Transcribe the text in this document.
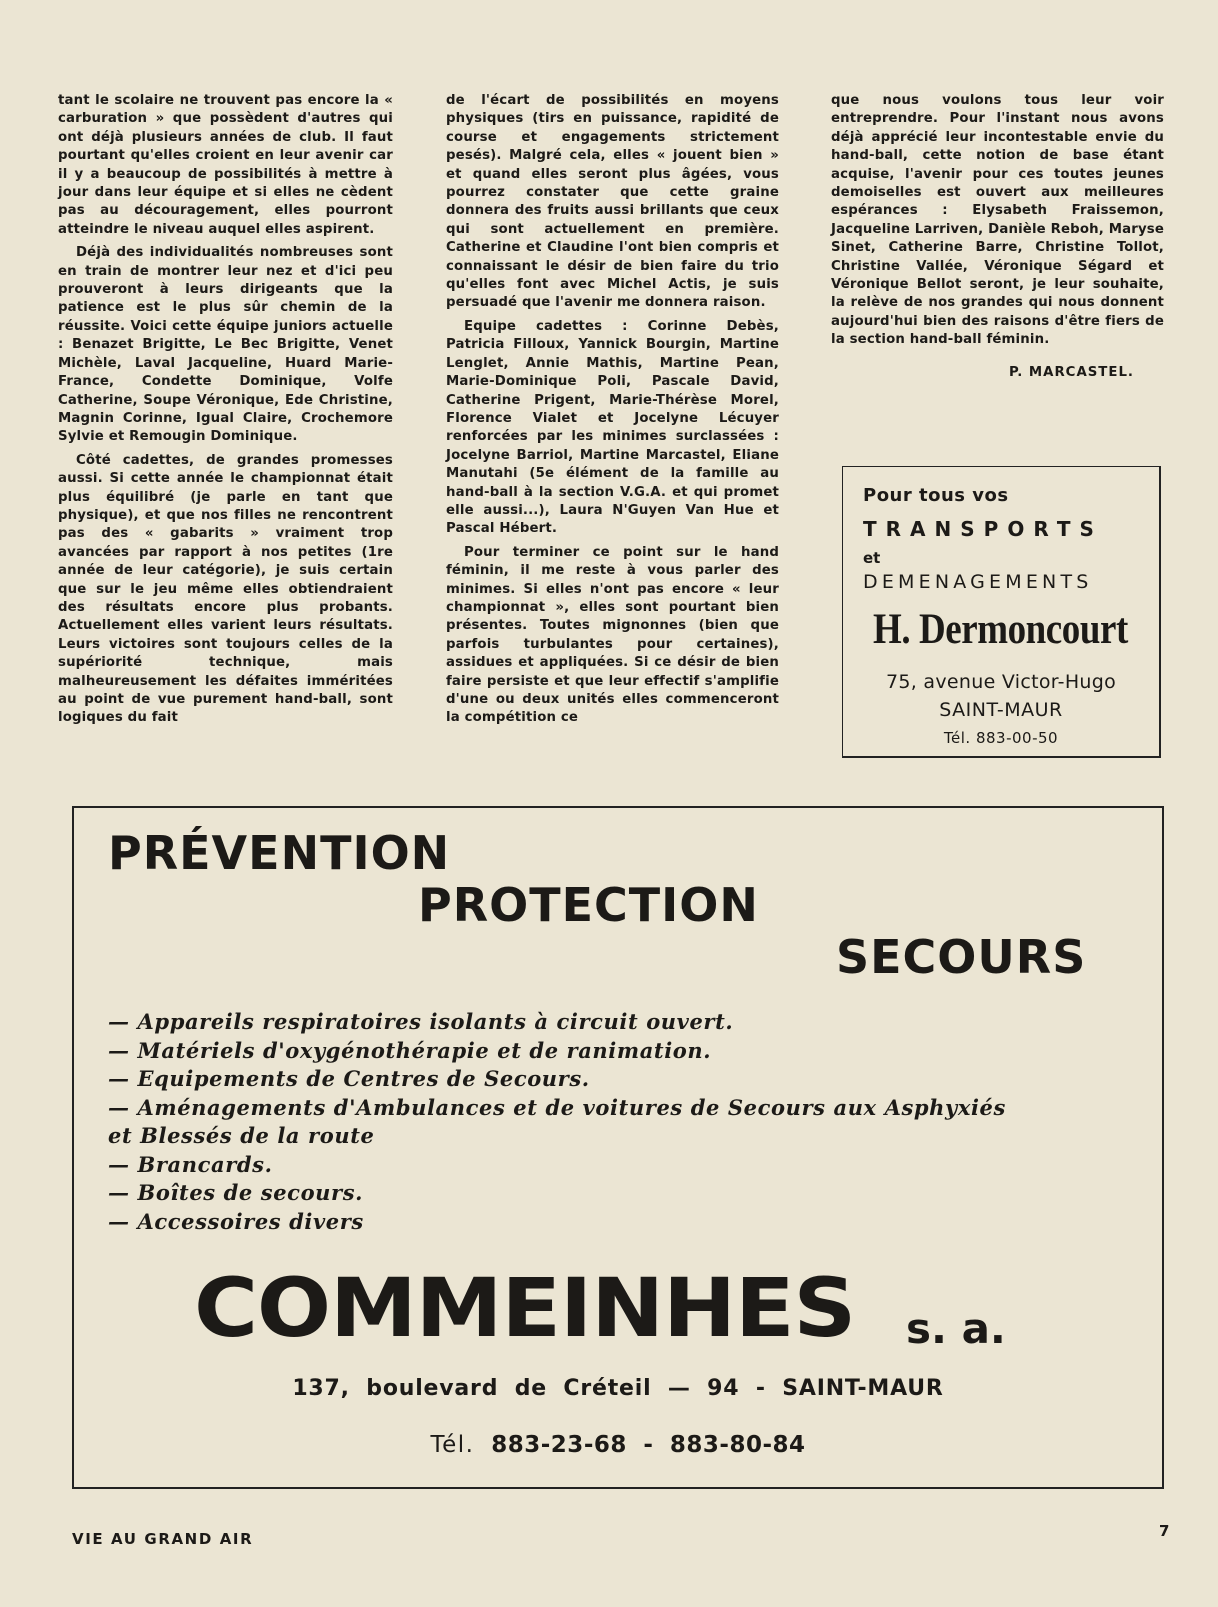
tant le scolaire ne trouvent pas encore la « carburation » que possèdent d'autres qui ont déjà plusieurs années de club. Il faut pourtant qu'elles croient en leur avenir car il y a beaucoup de possibilités à mettre à jour dans leur équipe et si elles ne cèdent pas au découragement, elles pourront atteindre le niveau auquel elles aspirent.

Déjà des individualités nombreuses sont en train de montrer leur nez et d'ici peu prouveront à leurs dirigeants que la patience est le plus sûr chemin de la réussite. Voici cette équipe juniors actuelle : Benazet Brigitte, Le Bec Brigitte, Venet Michèle, Laval Jacqueline, Huard Marie-France, Condette Dominique, Volfe Catherine, Soupe Véronique, Ede Christine, Magnin Corinne, Igual Claire, Crochemore Sylvie et Remougin Dominique.

Côté cadettes, de grandes promesses aussi. Si cette année le championnat était plus équilibré (je parle en tant que physique), et que nos filles ne rencontrent pas des « gabarits » vraiment trop avancées par rapport à nos petites (1re année de leur catégorie), je suis certain que sur le jeu même elles obtiendraient des résultats encore plus probants. Actuellement elles varient leurs résultats. Leurs victoires sont toujours celles de la supériorité technique, mais malheureusement les défaites imméritées au point de vue purement hand-ball, sont logiques du fait

de l'écart de possibilités en moyens physiques (tirs en puissance, rapidité de course et engagements strictement pesés). Malgré cela, elles « jouent bien » et quand elles seront plus âgées, vous pourrez constater que cette graine donnera des fruits aussi brillants que ceux qui sont actuellement en première. Catherine et Claudine l'ont bien compris et connaissant le désir de bien faire du trio qu'elles font avec Michel Actis, je suis persuadé que l'avenir me donnera raison.

Equipe cadettes : Corinne Debès, Patricia Filloux, Yannick Bourgin, Martine Lenglet, Annie Mathis, Martine Pean, Marie-Dominique Poli, Pascale David, Catherine Prigent, Marie-Thérèse Morel, Florence Vialet et Jocelyne Lécuyer renforcées par les minimes surclassées : Jocelyne Barriol, Martine Marcastel, Eliane Manutahi (5e élément de la famille au hand-ball à la section V.G.A. et qui promet elle aussi...), Laura N'Guyen Van Hue et Pascal Hébert.

Pour terminer ce point sur le hand féminin, il me reste à vous parler des minimes. Si elles n'ont pas encore « leur championnat », elles sont pourtant bien présentes. Toutes mignonnes (bien que parfois turbulantes pour certaines), assidues et appliquées. Si ce désir de bien faire persiste et que leur effectif s'amplifie d'une ou deux unités elles commenceront la compétition ce

que nous voulons tous leur voir entreprendre. Pour l'instant nous avons déjà apprécié leur incontestable envie du hand-ball, cette notion de base étant acquise, l'avenir pour ces toutes jeunes demoiselles est ouvert aux meilleures espérances : Elysabeth Fraissemon, Jacqueline Larriven, Danièle Reboh, Maryse Sinet, Catherine Barre, Christine Tollot, Christine Vallée, Véronique Ségard et Véronique Bellot seront, je leur souhaite, la relève de nos grandes qui nous donnent aujourd'hui bien des raisons d'être fiers de la section hand-ball féminin.

P. MARCASTEL.

Pour tous vos
TRANSPORTS
et
DEMENAGEMENTS
H. Dermoncourt
75, avenue Victor-Hugo
SAINT-MAUR
Tél. 883-00-50
PRÉVENTION
PROTECTION
SECOURS
— Appareils respiratoires isolants à circuit ouvert.
— Matériels d'oxygénothérapie et de ranimation.
— Equipements de Centres de Secours.
— Aménagements d'Ambulances et de voitures de Secours aux Asphyxiés
et Blessés de la route
— Brancards.
— Boîtes de secours.
— Accessoires divers
COMMEINHES s. a.
137, boulevard de Créteil — 94 - SAINT-MAUR
Tél. 883-23-68 - 883-80-84
VIE AU GRAND AIR	7
